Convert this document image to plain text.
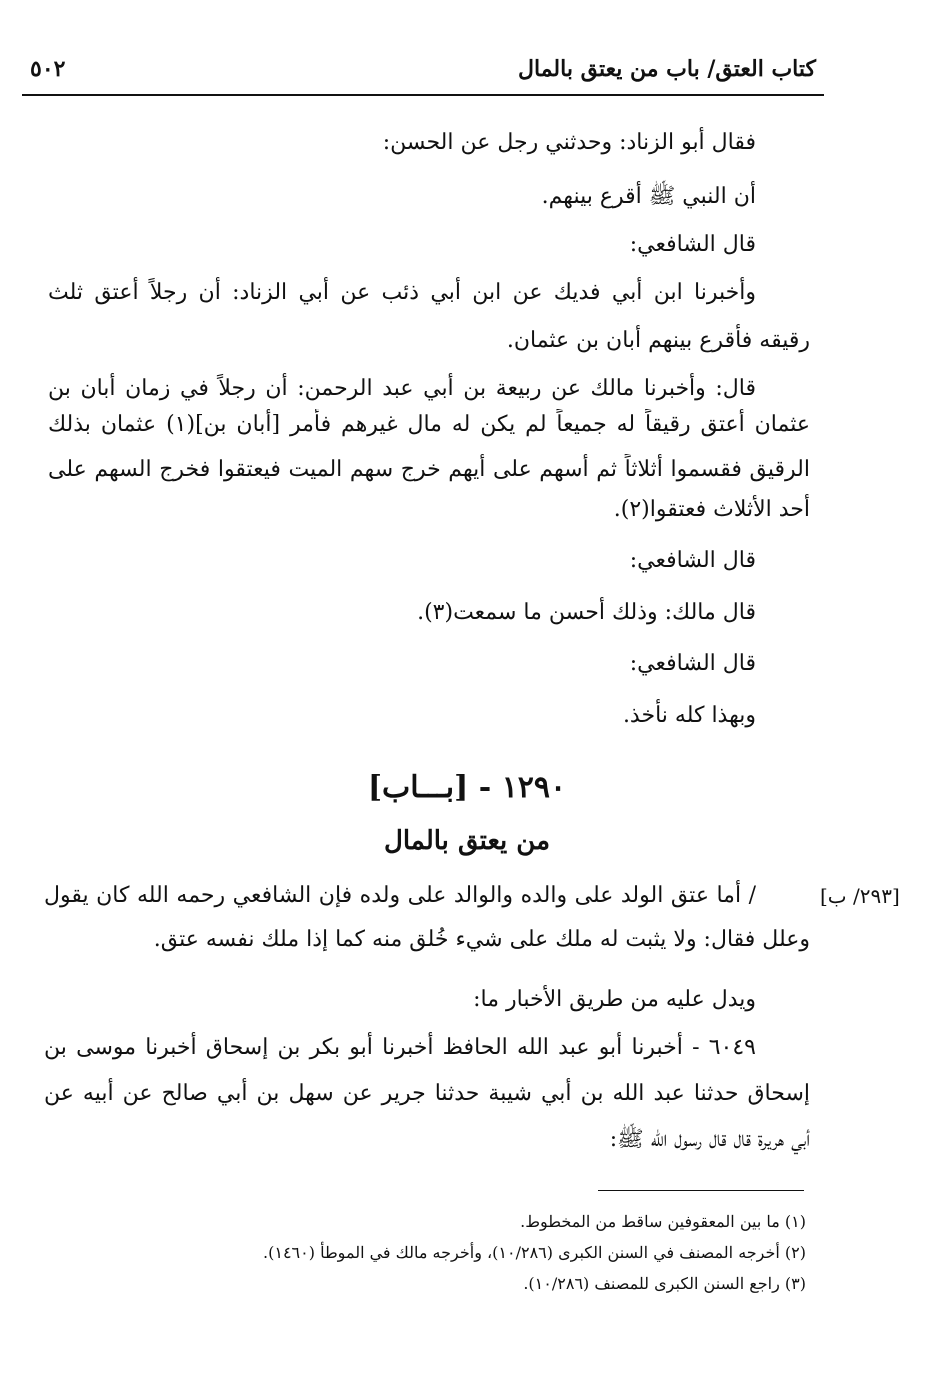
كتاب العتق/ باب من يعتق بالمال
٥٠٢
فقال أبو الزناد: وحدثني رجل عن الحسن:
أن النبي ﷺ أقرع بينهم.
قال الشافعي:
وأخبرنا ابن أبي فديك عن ابن أبي ذئب عن أبي الزناد: أن رجلاً أعتق ثلث
رقيقه فأقرع بينهم أبان بن عثمان.
قال: وأخبرنا مالك عن ربيعة بن أبي عبد الرحمن: أن رجلاً في زمان أبان بن
عثمان أعتق رقيقاً له جميعاً لم يكن له مال غيرهم فأمر [أبان بن](١) عثمان بذلك
الرقيق فقسموا أثلاثاً ثم أسهم على أيهم خرج سهم الميت فيعتقوا فخرج السهم على
أحد الأثلاث فعتقوا(٢).
قال الشافعي:
قال مالك: وذلك أحسن ما سمعت(٣).
قال الشافعي:
وبهذا كله نأخذ.
١٢٩٠ - [بـــاب]
من يعتق بالمال
[٢٩٣/ ب]
/ أما عتق الولد على والده والوالد على ولده فإن الشافعي رحمه الله كان يقول
وعلل فقال: ولا يثبت له ملك على شيء خُلق منه كما إذا ملك نفسه عتق.
ويدل عليه من طريق الأخبار ما:
٦٠٤٩ - أخبرنا أبو عبد الله الحافظ أخبرنا أبو بكر بن إسحاق أخبرنا موسى بن
إسحاق حدثنا عبد الله بن أبي شيبة حدثنا جرير عن سهل بن أبي صالح عن أبيه عن
أبي هريرة قال قال رسول الله ﷺ:
(١) ما بين المعقوفين ساقط من المخطوط.
(٢) أخرجه المصنف في السنن الكبرى (١٠/٢٨٦)، وأخرجه مالك في الموطأ (١٤٦٠).
(٣) راجع السنن الكبرى للمصنف (١٠/٢٨٦).
